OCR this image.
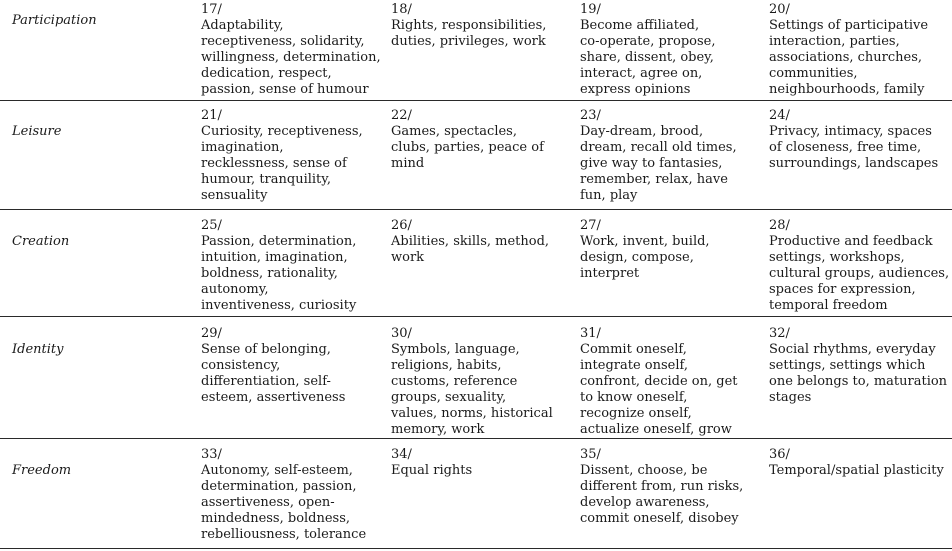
Participation
17/
Adaptability,
receptiveness, solidarity,
willingness, determination,
dedication, respect,
passion, sense of humour
18/
Rights, responsibilities,
duties, privileges, work
19/
Become affiliated,
co-operate, propose,
share, dissent, obey,
interact, agree on,
express opinions
20/
Settings of participative
interaction, parties,
associations, churches,
communities,
neighbourhoods, family
Leisure
21/
Curiosity, receptiveness,
imagination,
recklessness, sense of
humour, tranquility,
sensuality
22/
Games, spectacles,
clubs, parties, peace of
mind
23/
Day-dream, brood,
dream, recall old times,
give way to fantasies,
remember, relax, have
fun, play
24/
Privacy, intimacy, spaces
of closeness, free time,
surroundings, landscapes
Creation
25/
Passion, determination,
intuition, imagination,
boldness, rationality,
autonomy,
inventiveness, curiosity
26/
Abilities, skills, method,
work
27/
Work, invent, build,
design, compose,
interpret
28/
Productive and feedback
settings, workshops,
cultural groups, audiences,
spaces for expression,
temporal freedom
Identity
29/
Sense of belonging,
consistency,
differentiation, self-
esteem, assertiveness
30/
Symbols, language,
religions, habits,
customs, reference
groups, sexuality,
values, norms, historical
memory, work
31/
Commit oneself,
integrate onself,
confront, decide on, get
to know oneself,
recognize onself,
actualize oneself, grow
32/
Social rhythms, everyday
settings, settings which
one belongs to, maturation
stages
Freedom
33/
Autonomy, self-esteem,
determination, passion,
assertiveness, open-
mindedness, boldness,
rebelliousness, tolerance
34/
Equal rights
35/
Dissent, choose, be
different from, run risks,
develop awareness,
commit oneself, disobey
36/
Temporal/spatial plasticity
